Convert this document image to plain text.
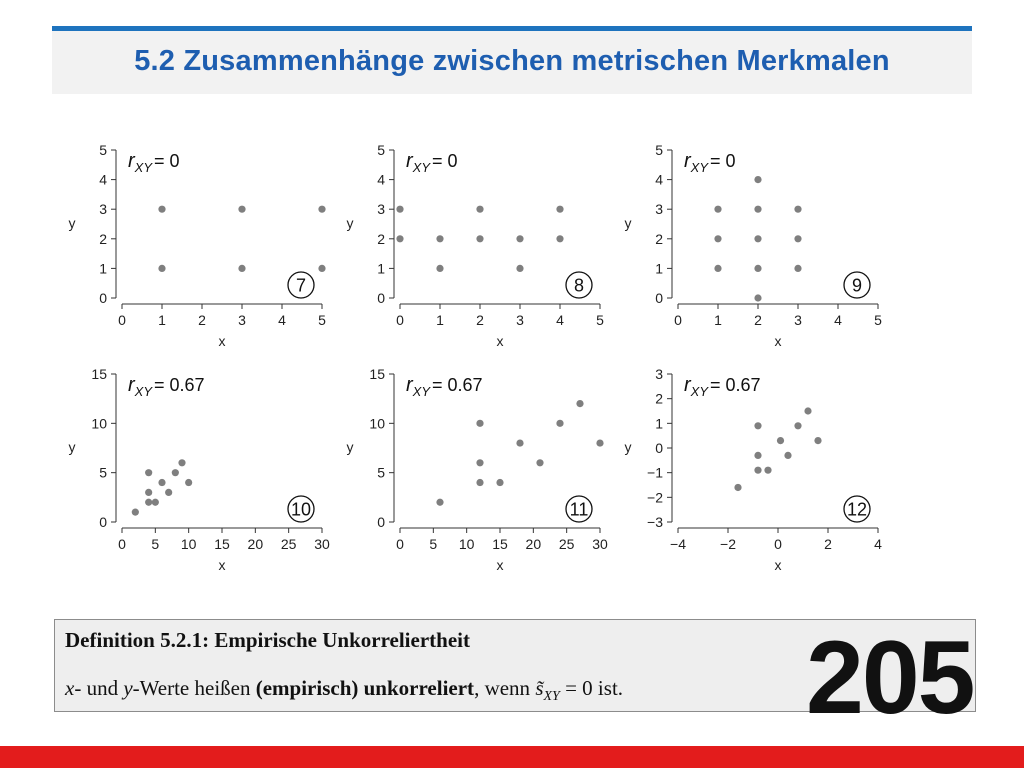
5.2 Zusammenhänge zwischen metrischen Merkmalen
0
1
2
3
4
5
0 1 2 3 4 5
x
y
$r_{XY} = 0$
7
0
1
2
3
4
5
0 1 2 3 4 5
x
y
$r_{XY} = 0$
8
0
1
2
3
4
5
0 1 2 3 4 5
x
y
$r_{XY} = 0$
9
0
5
10
15
0 5 10 15 20 25 30
x
y
$r_{XY} = 0.67$
10
0
5
10
15
0 5 10 15 20 25 30
x
y
$r_{XY} = 0.67$
11
−3
−2
−1
0
1
2
3
−4 −2	0	2	4
x
y
$r_{XY} = 0.67$
12
Definition 5.2.1: Empirische Unkorreliertheit
x- und y-Werte heißen (empirisch) unkorreliert, wenn $s̃_{XY} = 0$ ist. 205
